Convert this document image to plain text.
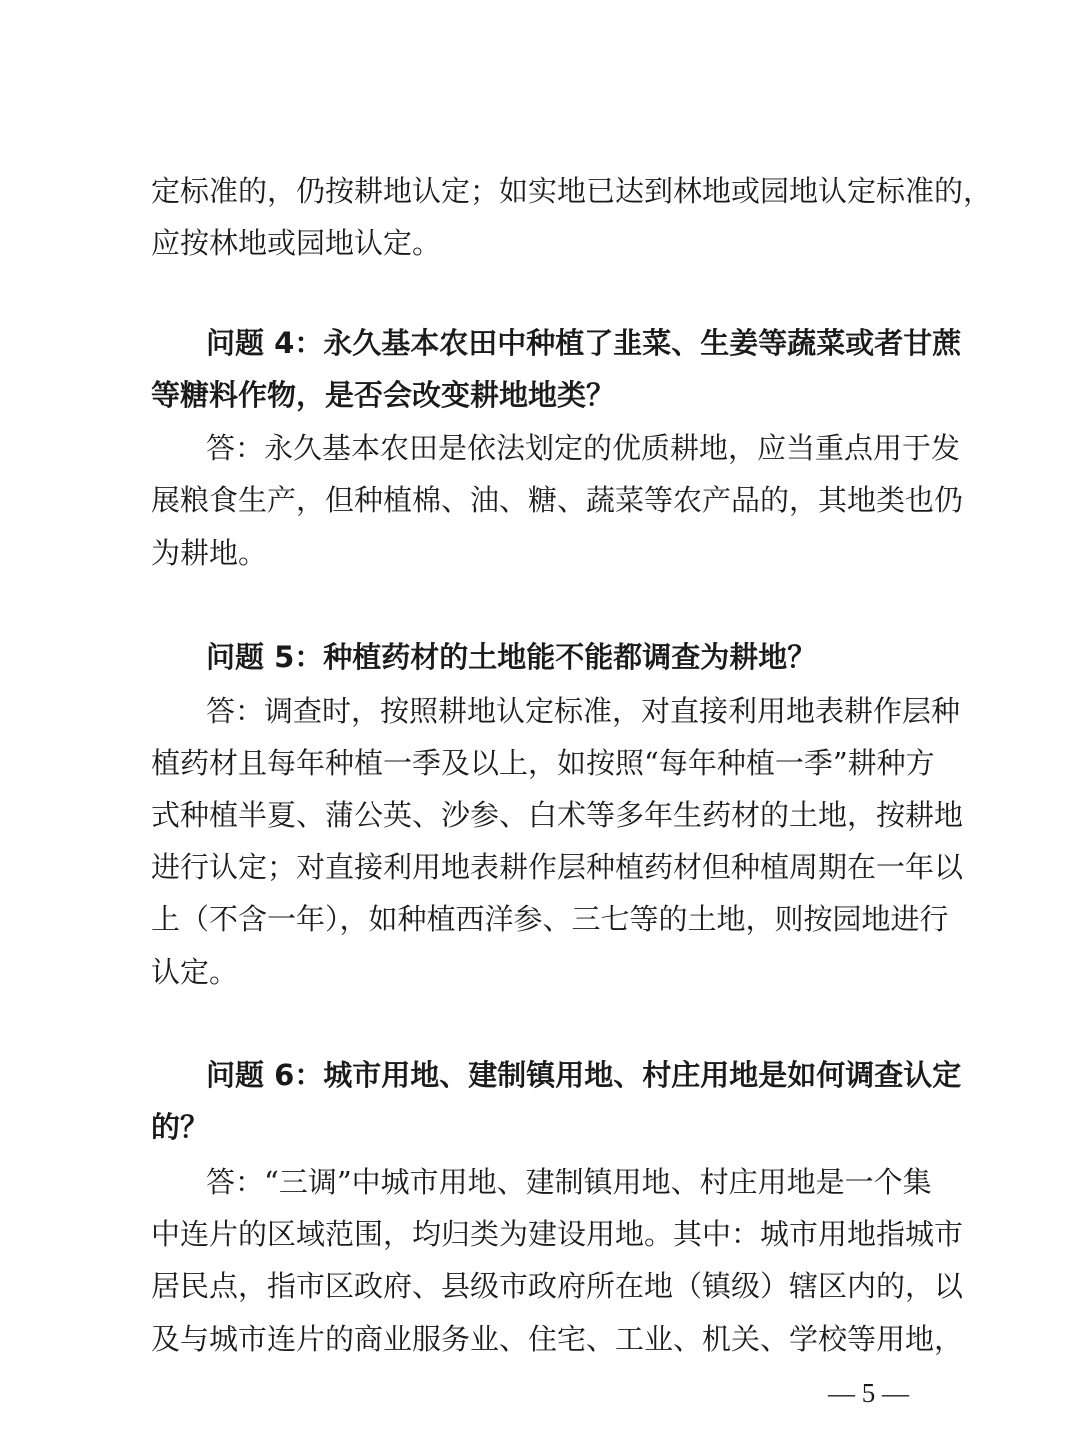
定标准的，仍按耕地认定；如实地已达到林地或园地认定标准的，
应按林地或园地认定。
问题 4：永久基本农田中种植了韭菜、生姜等蔬菜或者甘蔗
等糖料作物，是否会改变耕地地类？
答：永久基本农田是依法划定的优质耕地，应当重点用于发
展粮食生产，但种植棉、油、糖、蔬菜等农产品的，其地类也仍
为耕地。
问题 5：种植药材的土地能不能都调查为耕地？
答：调查时，按照耕地认定标准，对直接利用地表耕作层种
植药材且每年种植一季及以上，如按照“每年种植一季”耕种方
式种植半夏、蒲公英、沙参、白术等多年生药材的土地，按耕地
进行认定；对直接利用地表耕作层种植药材但种植周期在一年以
上（不含一年），如种植西洋参、三七等的土地，则按园地进行
认定。
问题 6：城市用地、建制镇用地、村庄用地是如何调查认定
的？
答：“三调”中城市用地、建制镇用地、村庄用地是一个集
中连片的区域范围，均归类为建设用地。其中：城市用地指城市
居民点，指市区政府、县级市政府所在地（镇级）辖区内的，以
及与城市连片的商业服务业、住宅、工业、机关、学校等用地，
— 5 —
